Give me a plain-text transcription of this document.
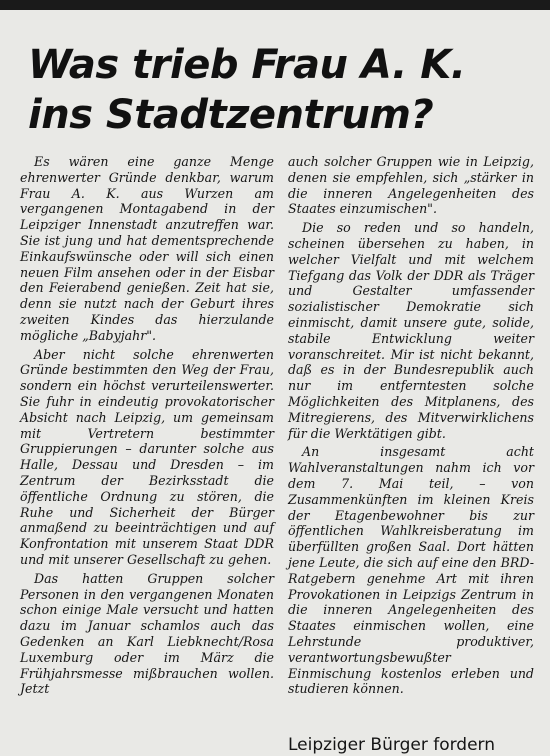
Was trieb Frau A. K.
ins Stadtzentrum?

Es wären eine ganze Menge ehrenwerter Gründe denkbar, warum Frau A. K. aus Wurzen am vergangenen Montagabend in der Leipziger Innenstadt anzutreffen war. Sie ist jung und hat dementsprechende Einkaufswünsche oder will sich einen neuen Film ansehen oder in der Eisbar den Feierabend genießen. Zeit hat sie, denn sie nutzt nach der Geburt ihres zweiten Kindes das hierzulande mögliche „Babyjahr".

Aber nicht solche ehrenwerten Gründe bestimmten den Weg der Frau, sondern ein höchst verurteilenswerter. Sie fuhr in eindeutig provokatorischer Absicht nach Leipzig, um gemeinsam mit Vertretern bestimmter Gruppierungen – darunter solche aus Halle, Dessau und Dresden – im Zentrum der Bezirksstadt die öffentliche Ordnung zu stören, die Ruhe und Sicherheit der Bürger anmaßend zu beeinträchtigen und auf Konfrontation mit unserem Staat DDR und mit unserer Gesellschaft zu gehen.

Das hatten Gruppen solcher Personen in den vergangenen Monaten schon einige Male versucht und hatten dazu im Januar schamlos auch das Gedenken an Karl Liebknecht/Rosa Luxemburg oder im März die Frühjahrsmesse mißbrauchen wollen. Jetzt

auch solcher Gruppen wie in Leipzig, denen sie empfehlen, sich „stärker in die inneren Angelegenheiten des Staates einzumischen".

Die so reden und so handeln, scheinen übersehen zu haben, in welcher Vielfalt und mit welchem Tiefgang das Volk der DDR als Träger und Gestalter umfassender sozialistischer Demokratie sich einmischt, damit unsere gute, solide, stabile Entwicklung weiter voranschreitet. Mir ist nicht bekannt, daß es in der Bundesrepublik auch nur im entferntesten solche Möglichkeiten des Mitplanens, des Mitregierens, des Mitverwirklichens für die Werktätigen gibt.

An insgesamt acht Wahlveranstaltungen nahm ich vor dem 7. Mai teil, – von Zusammenkünften im kleinen Kreis der Etagenbewohner bis zur öffentlichen Wahlkreisberatung im überfüllten großen Saal. Dort hätten jene Leute, die sich auf eine den BRD-Ratgebern genehme Art mit ihren Provokationen in Leipzigs Zentrum in die inneren Angelegenheiten des Staates einmischen wollen, eine Lehrstunde produktiver, verantwortungsbewußter Einmischung kostenlos erleben und studieren können.

Leipziger Bürger fordern
